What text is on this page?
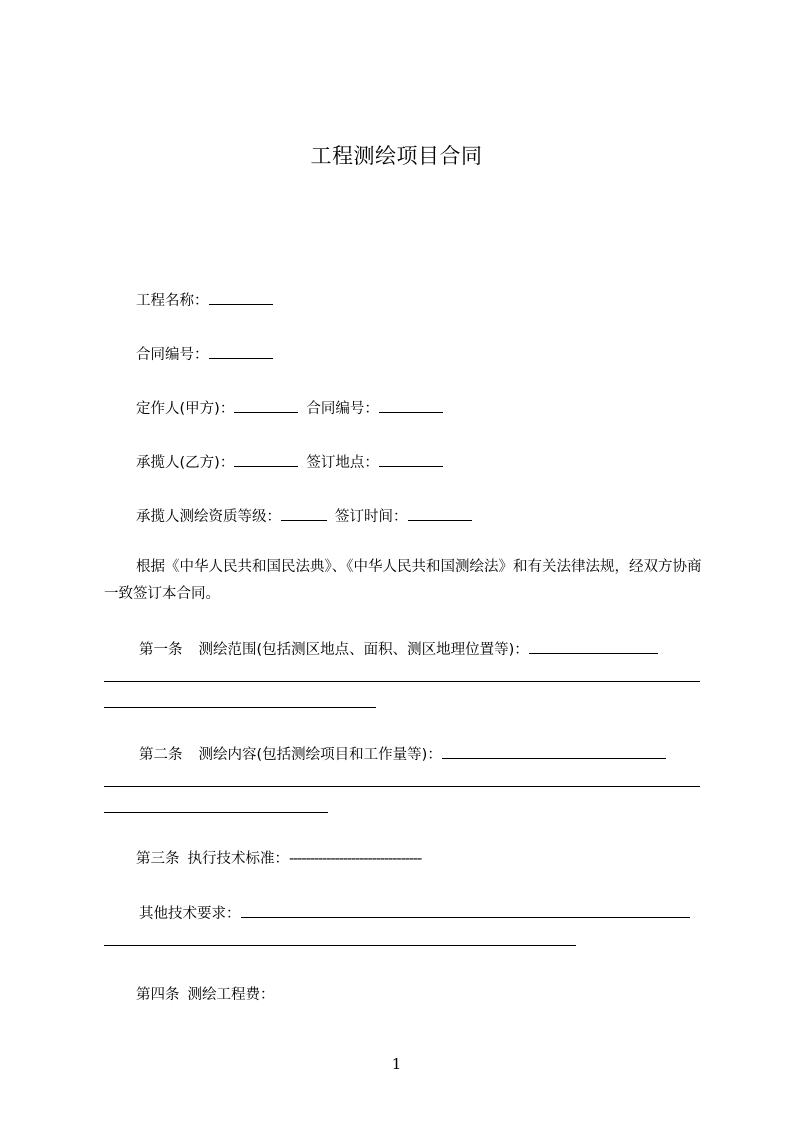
工程测绘项目合同
工程名称：
合同编号：
定作人(甲方)：	合同编号：
承揽人(乙方)：	签订地点：
承揽人测绘资质等级：	签订时间：
根据《中华人民共和国民法典》、《中华人民共和国测绘法》和有关法律法规，经双方协商一致签订本合同。
第一条 测绘范围(包括测区地点、面积、测区地理位置等)：
第二条 测绘内容(包括测绘项目和工作量等)：
第三条 执行技术标准：--------------------------------
其他技术要求：
第四条 测绘工程费：
1
